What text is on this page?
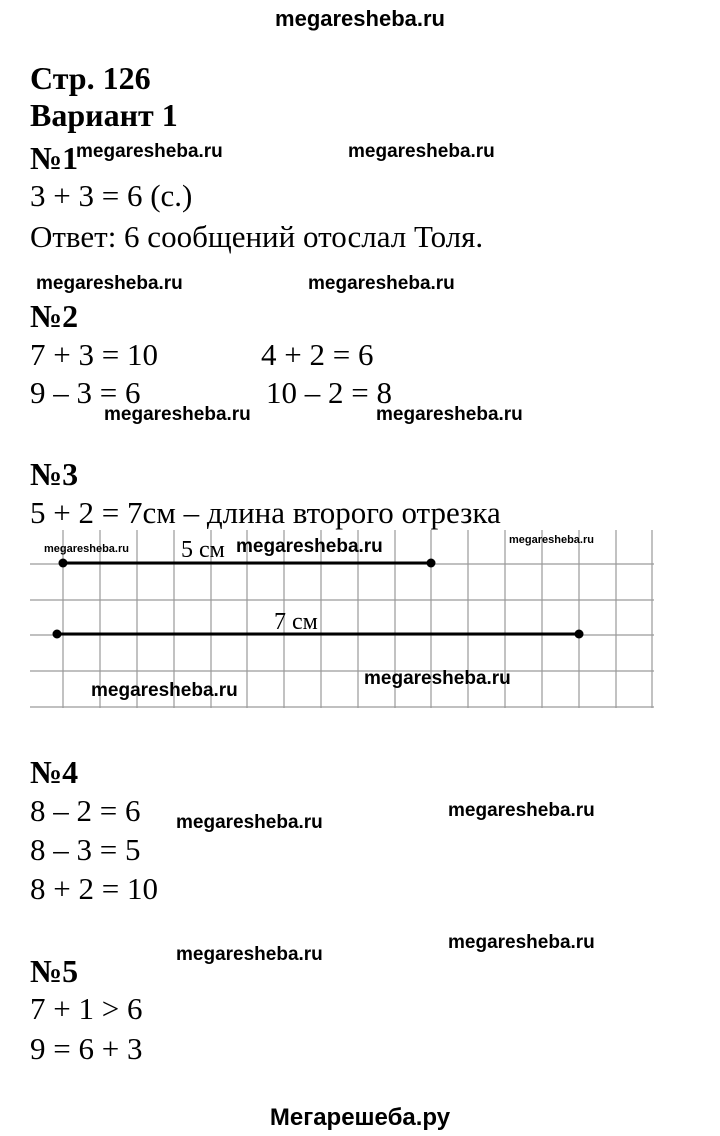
megaresheba.ru
Стр. 126
Вариант 1
№1
3 + 3 = 6 (с.)
Ответ: 6 сообщений отослал Толя.
№2
7 + 3 = 10	4 + 2 = 6
9 – 3 = 6	10 – 2 = 8
№3
5 + 2 = 7см – длина второго отрезка
5 см
7 см
№4
8 – 2 = 6
8 – 3 = 5
8 + 2 = 10
№5
7 + 1 > 6
9 = 6 + 3
megaresheba.ru	megaresheba.ru
megaresheba.ru	megaresheba.ru
megaresheba.ru	megaresheba.ru
megaresheba.ru	megaresheba.ru	megaresheba.ru
megaresheba.ru
megaresheba.ru
megaresheba.ru
megaresheba.ru
megaresheba.ru
megaresheba.ru
Мегарешеба.ру
